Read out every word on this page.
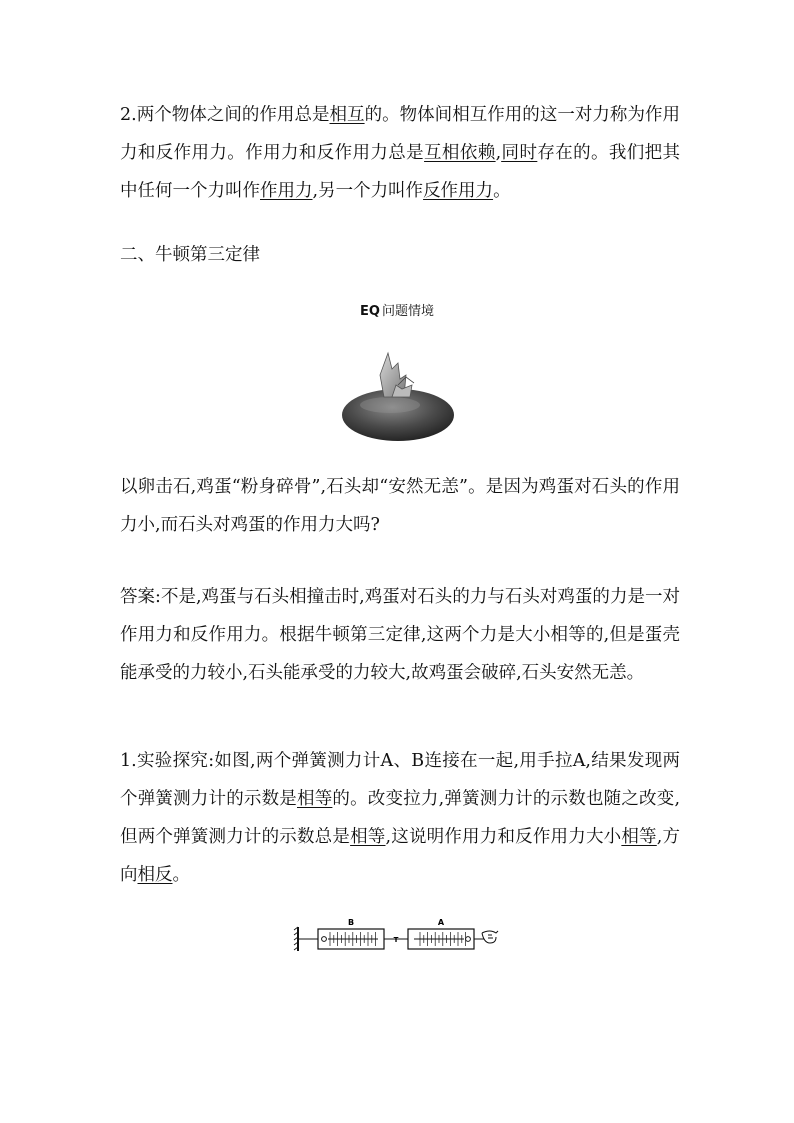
2.两个物体之间的作用总是相互的。物体间相互作用的这一对力称为作用力和反作用力。作用力和反作用力总是互相依赖,同时存在的。我们把其中任何一个力叫作作用力,另一个力叫作反作用力。

二、牛顿第三定律
EQ 问题情境

以卵击石,鸡蛋“粉身碎骨”,石头却“安然无恙”。是因为鸡蛋对石头的作用力小,而石头对鸡蛋的作用力大吗?

答案:不是,鸡蛋与石头相撞击时,鸡蛋对石头的力与石头对鸡蛋的力是一对作用力和反作用力。根据牛顿第三定律,这两个力是大小相等的,但是蛋壳能承受的力较小,石头能承受的力较大,故鸡蛋会破碎,石头安然无恙。

1.实验探究:如图,两个弹簧测力计A、B连接在一起,用手拉A,结果发现两个弹簧测力计的示数是相等的。改变拉力,弹簧测力计的示数也随之改变,但两个弹簧测力计的示数总是相等,这说明作用力和反作用力大小相等,方向相反。

B
T
A
